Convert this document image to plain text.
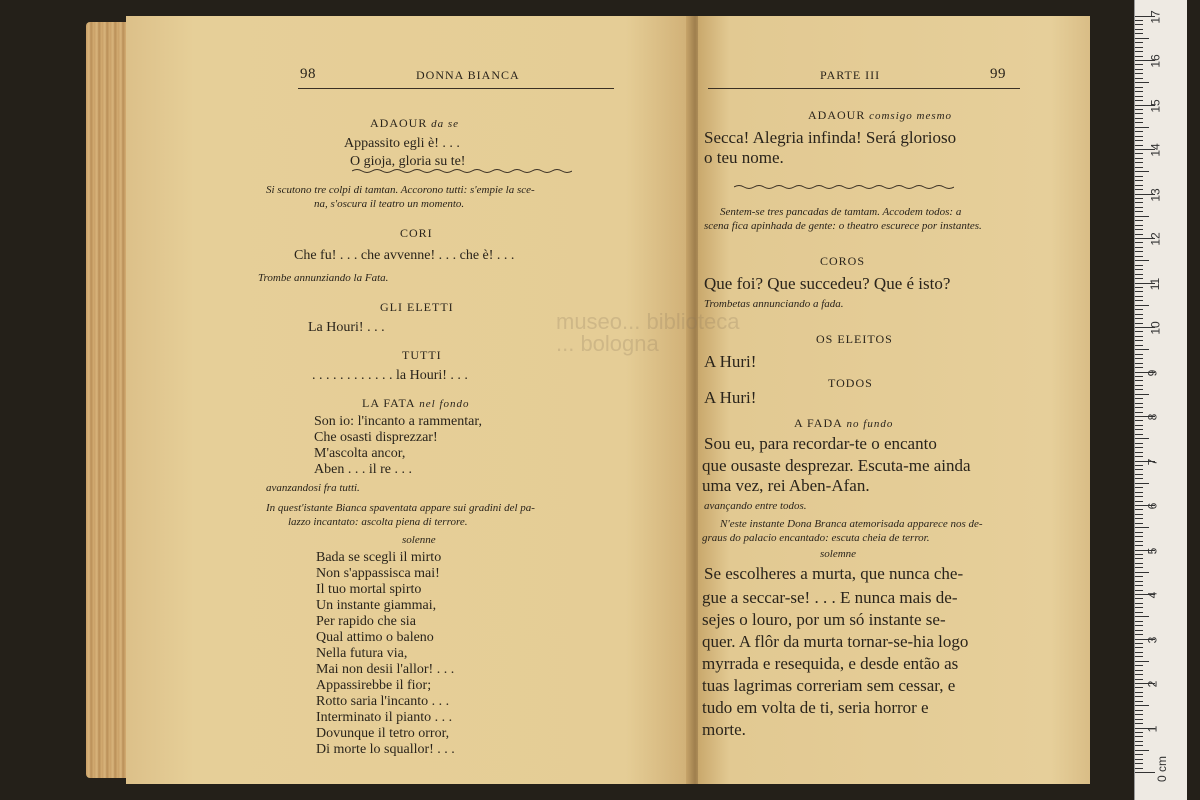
98	DONNA BIANCA
ADAOUR da se
Appassito egli è! . . .
O gioja, gloria su te!
Si scutono tre colpi di tamtan. Accorono tutti: s'empie la sce-
na, s'oscura il teatro un momento.
CORI
Che fu! . . . che avvenne! . . . che è! . . .
Trombe annunziando la Fata.
GLI ELETTI
La Houri! . . .
TUTTI
. . . . . . . . . . . . la Houri! . . .
LA FATA nel fondo
Son io: l'incanto a rammentar,
Che osasti disprezzar!
M'ascolta ancor,
Aben . . . il re . . .
avanzandosi fra tutti.
In quest'istante Bianca spaventata appare sui gradini del pa-
lazzo incantato: ascolta piena di terrore.
solenne
Bada se scegli il mirto
Non s'appassisca mai!
Il tuo mortal spirto
Un instante giammai,
Per rapido che sia
Qual attimo o baleno
Nella futura via,
Mai non desii l'allor! . . .
Appassirebbe il fior;
Rotto saria l'incanto . . .
Interminato il pianto . . .
Dovunque il tetro orror,
Di morte lo squallor! . . .
PARTE III	99
ADAOUR comsigo mesmo
Secca! Alegria infinda! Será glorioso
o teu nome.
Sentem-se tres pancadas de tamtam. Accodem todos: a
scena fica apinhada de gente: o theatro escurece por instantes.
COROS
Que foi? Que succedeu? Que é isto?
Trombetas annunciando a fada.
OS ELEITOS
A Huri!
TODOS
A Huri!
A FADA no fundo
Sou eu, para recordar-te o encanto
que ousaste desprezar. Escuta-me ainda
uma vez, rei Aben-Afan.
avançando entre todos.
N'este instante Dona Branca atemorisada apparece nos de-
graus do palacio encantado: escuta cheia de terror.
solemne
Se escolheres a murta, que nunca che-
gue a seccar-se! . . . E nunca mais de-
sejes o louro, por um só instante se-
quer. A flôr da murta tornar-se-hia logo
myrrada e resequida, e desde então as
tuas lagrimas correriam sem cessar, e
tudo em volta de ti, seria horror e
morte.
museo... biblioteca
... bologna
0 cm
1
2
3
4
5
6
7
8
9
10
11
12
13
14
15
16
17
